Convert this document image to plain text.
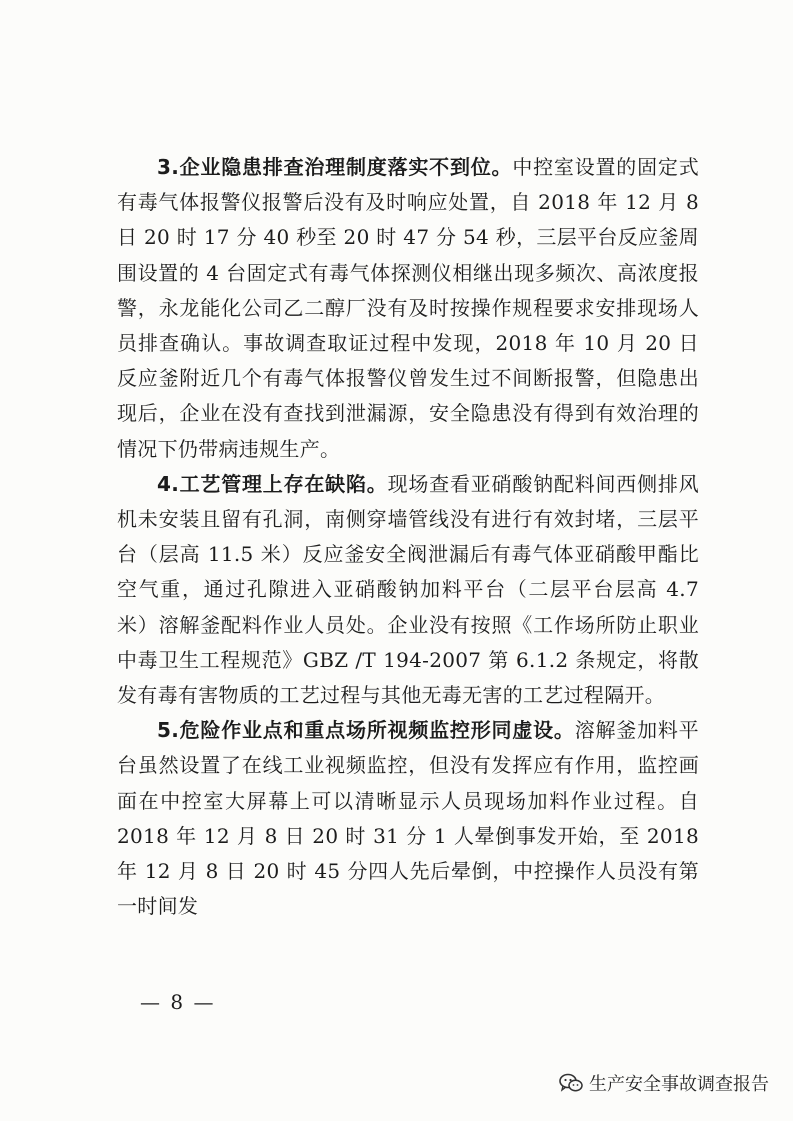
3.企业隐患排查治理制度落实不到位。中控室设置的固定式有毒气体报警仪报警后没有及时响应处置，自 2018 年 12 月 8 日 20 时 17 分 40 秒至 20 时 47 分 54 秒，三层平台反应釜周围设置的 4 台固定式有毒气体探测仪相继出现多频次、高浓度报警，永龙能化公司乙二醇厂没有及时按操作规程要求安排现场人员排查确认。事故调查取证过程中发现，2018 年 10 月 20 日反应釜附近几个有毒气体报警仪曾发生过不间断报警，但隐患出现后，企业在没有查找到泄漏源，安全隐患没有得到有效治理的情况下仍带病违规生产。

4.工艺管理上存在缺陷。现场查看亚硝酸钠配料间西侧排风机未安装且留有孔洞，南侧穿墙管线没有进行有效封堵，三层平台（层高 11.5 米）反应釜安全阀泄漏后有毒气体亚硝酸甲酯比空气重，通过孔隙进入亚硝酸钠加料平台（二层平台层高 4.7 米）溶解釜配料作业人员处。企业没有按照《工作场所防止职业中毒卫生工程规范》GBZ /T 194-2007 第 6.1.2 条规定，将散发有毒有害物质的工艺过程与其他无毒无害的工艺过程隔开。

5.危险作业点和重点场所视频监控形同虚设。溶解釜加料平台虽然设置了在线工业视频监控，但没有发挥应有作用，监控画面在中控室大屏幕上可以清晰显示人员现场加料作业过程。自 2018 年 12 月 8 日 20 时 31 分 1 人晕倒事发开始，至 2018 年 12 月 8 日 20 时 45 分四人先后晕倒，中控操作人员没有第一时间发

— 8 —
生产安全事故调查报告
